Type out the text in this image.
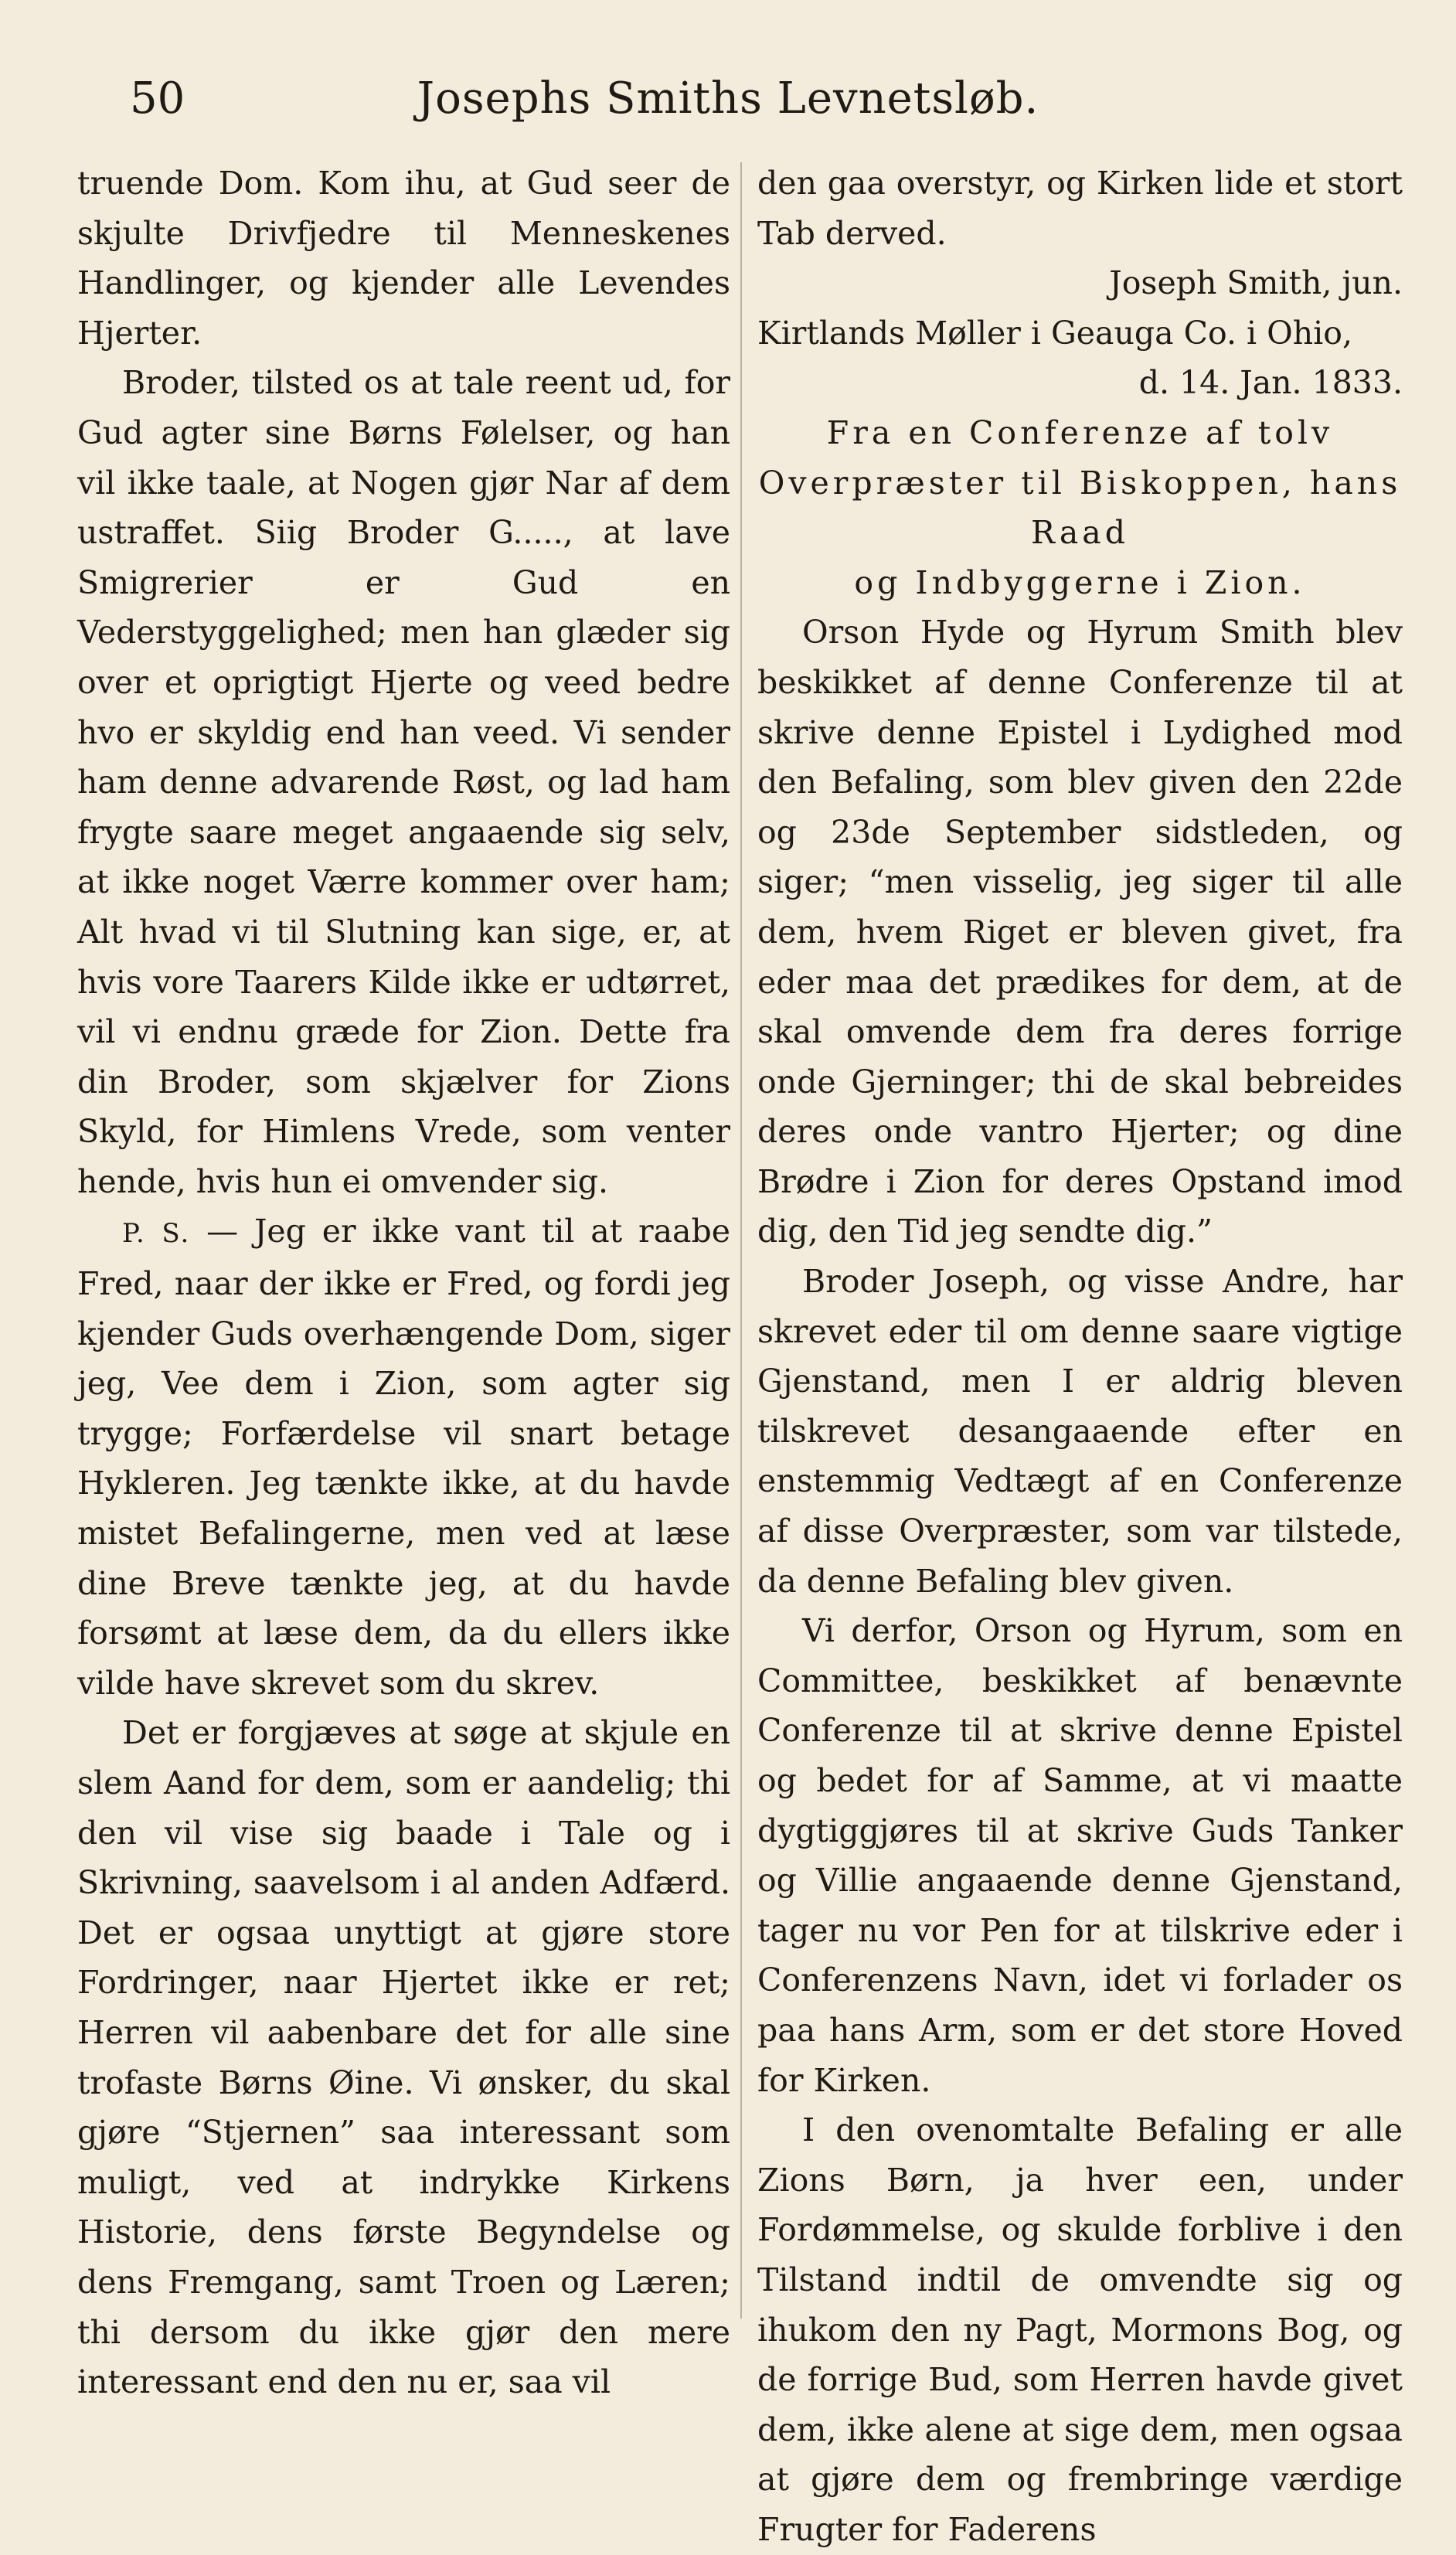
50	Josephs Smiths Levnetsløb.

truende Dom. Kom ihu, at Gud seer de skjulte Drivfjedre til Menneskenes Handlinger, og kjender alle Levendes Hjerter.

Broder, tilsted os at tale reent ud, for Gud agter sine Børns Følelser, og han vil ikke taale, at Nogen gjør Nar af dem ustraffet. Siig Broder G....., at lave Smigrerier er Gud en Vederstyggelighed; men han glæder sig over et oprigtigt Hjerte og veed bedre hvo er skyldig end han veed. Vi sender ham denne advarende Røst, og lad ham frygte saare meget angaaende sig selv, at ikke noget Værre kommer over ham; Alt hvad vi til Slutning kan sige, er, at hvis vore Taarers Kilde ikke er udtørret, vil vi endnu græde for Zion. Dette fra din Broder, som skjælver for Zions Skyld, for Himlens Vrede, som venter hende, hvis hun ei omvender sig.

P. S. — Jeg er ikke vant til at raabe Fred, naar der ikke er Fred, og fordi jeg kjender Guds overhængende Dom, siger jeg, Vee dem i Zion, som agter sig trygge; Forfærdelse vil snart betage Hykleren. Jeg tænkte ikke, at du havde mistet Befalingerne, men ved at læse dine Breve tænkte jeg, at du havde forsømt at læse dem, da du ellers ikke vilde have skrevet som du skrev.

Det er forgjæves at søge at skjule en slem Aand for dem, som er aandelig; thi den vil vise sig baade i Tale og i Skrivning, saavelsom i al anden Adfærd. Det er ogsaa unyttigt at gjøre store Fordringer, naar Hjertet ikke er ret; Herren vil aabenbare det for alle sine trofaste Børns Øine. Vi ønsker, du skal gjøre “Stjernen” saa interessant som muligt, ved at indrykke Kirkens Historie, dens første Begyndelse og dens Fremgang, samt Troen og Læren; thi dersom du ikke gjør den mere interessant end den nu er, saa vil

den gaa overstyr, og Kirken lide et stort Tab derved.

Joseph Smith, jun.

Kirtlands Møller i Geauga Co. i Ohio,

d. 14. Jan. 1833.

Fra en Conferenze af tolv Overpræster til Biskoppen, hans Raad

og Indbyggerne i Zion.

Orson Hyde og Hyrum Smith blev beskikket af denne Conferenze til at skrive denne Epistel i Lydighed mod den Befaling, som blev given den 22de og 23de September sidstleden, og siger; “men visselig, jeg siger til alle dem, hvem Riget er bleven givet, fra eder maa det prædikes for dem, at de skal omvende dem fra deres forrige onde Gjerninger; thi de skal bebreides deres onde vantro Hjerter; og dine Brødre i Zion for deres Opstand imod dig, den Tid jeg sendte dig.”

Broder Joseph, og visse Andre, har skrevet eder til om denne saare vigtige Gjenstand, men I er aldrig bleven tilskrevet desangaaende efter en enstemmig Vedtægt af en Conferenze af disse Overpræster, som var tilstede, da denne Befaling blev given.

Vi derfor, Orson og Hyrum, som en Committee, beskikket af benævnte Conferenze til at skrive denne Epistel og bedet for af Samme, at vi maatte dygtiggjøres til at skrive Guds Tanker og Villie angaaende denne Gjenstand, tager nu vor Pen for at tilskrive eder i Conferenzens Navn, idet vi forlader os paa hans Arm, som er det store Hoved for Kirken.

I den ovenomtalte Befaling er alle Zions Børn, ja hver een, under Fordømmelse, og skulde forblive i den Tilstand indtil de omvendte sig og ihukom den ny Pagt, Mormons Bog, og de forrige Bud, som Herren havde givet dem, ikke alene at sige dem, men ogsaa at gjøre dem og frembringe værdige Frugter for Faderens
